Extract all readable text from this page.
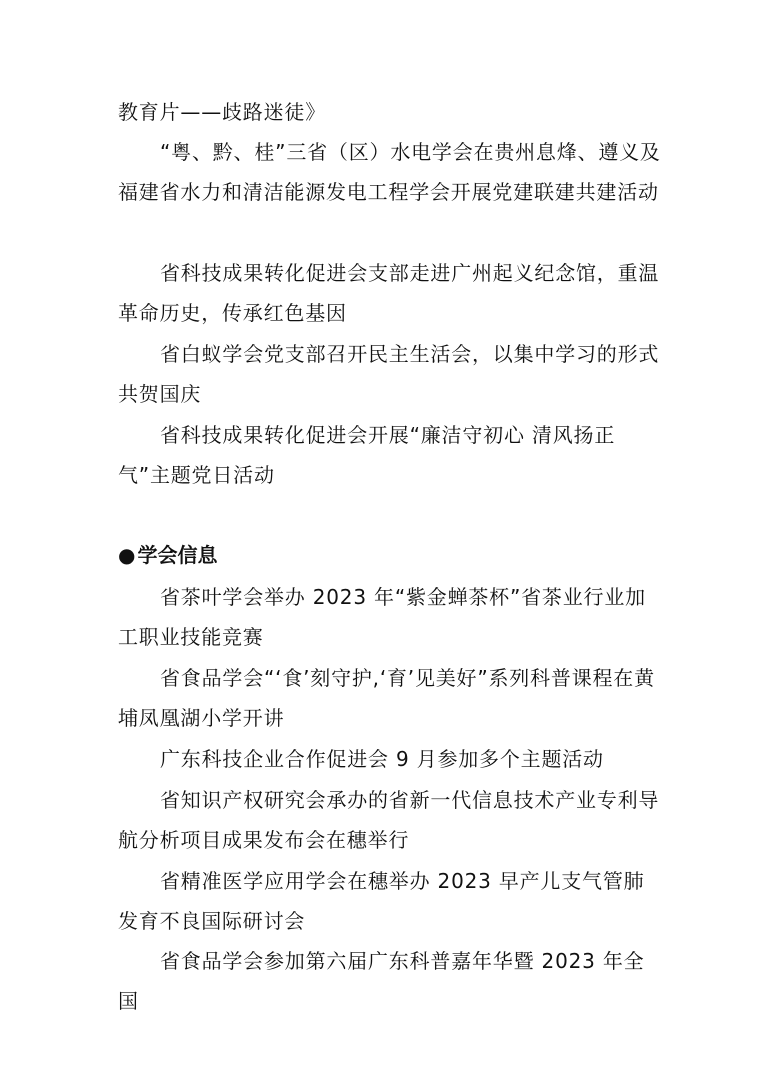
教育片——歧路迷徒》

“粤、黔、桂”三省（区）水电学会在贵州息烽、遵义及福建省水力和清洁能源发电工程学会开展党建联建共建活动

省科技成果转化促进会支部走进广州起义纪念馆，重温革命历史，传承红色基因

省白蚁学会党支部召开民主生活会，以集中学习的形式共贺国庆

省科技成果转化促进会开展“廉洁守初心 清风扬正气”主题党日活动

● 学会信息

省茶叶学会举办 2023 年“紫金蝉茶杯”省茶业行业加工职业技能竞赛

省食品学会“‘食’刻守护,‘育’见美好”系列科普课程在黄埔凤凰湖小学开讲

广东科技企业合作促进会 9 月参加多个主题活动

省知识产权研究会承办的省新一代信息技术产业专利导航分析项目成果发布会在穗举行

省精准医学应用学会在穗举办 2023 早产儿支气管肺发育不良国际研讨会

省食品学会参加第六届广东科普嘉年华暨 2023 年全国
